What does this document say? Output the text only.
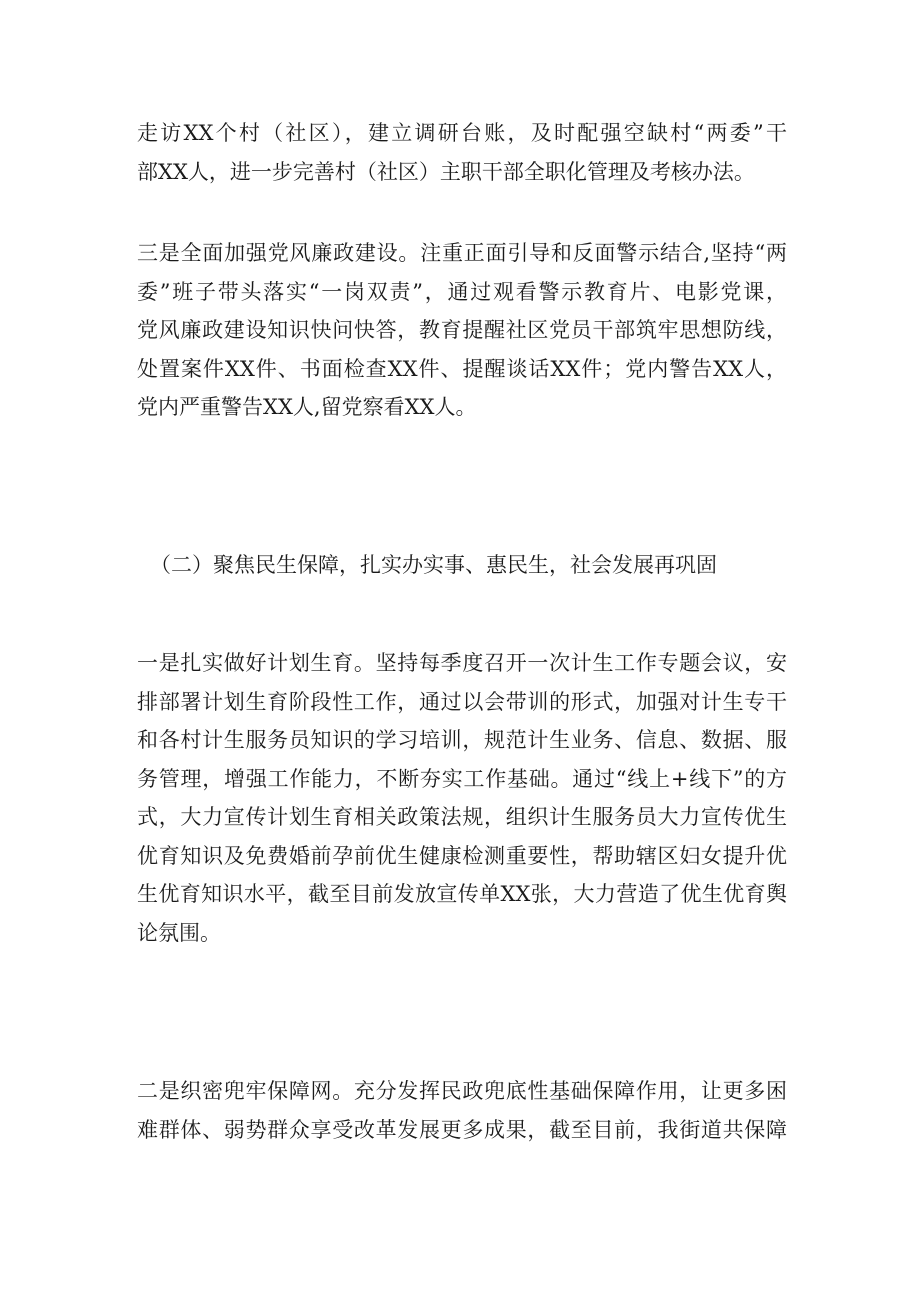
走访XX个村（社区），建立调研台账，及时配强空缺村“两委”干
部XX人，进一步完善村（社区）主职干部全职化管理及考核办法。

三是全面加强党风廉政建设。注重正面引导和反面警示结合,坚持“两
委”班子带头落实“一岗双责”，通过观看警示教育片、电影党课，
党风廉政建设知识快问快答，教育提醒社区党员干部筑牢思想防线，
处置案件XX件、书面检查XX件、提醒谈话XX件；党内警告XX人，
党内严重警告XX人,留党察看XX人。

（二）聚焦民生保障，扎实办实事、惠民生，社会发展再巩固

一是扎实做好计划生育。坚持每季度召开一次计生工作专题会议，安
排部署计划生育阶段性工作，通过以会带训的形式，加强对计生专干
和各村计生服务员知识的学习培训，规范计生业务、信息、数据、服
务管理，增强工作能力，不断夯实工作基础。通过“线上+线下”的方
式，大力宣传计划生育相关政策法规，组织计生服务员大力宣传优生
优育知识及免费婚前孕前优生健康检测重要性，帮助辖区妇女提升优
生优育知识水平，截至目前发放宣传单XX张，大力营造了优生优育舆
论氛围。

二是织密兜牢保障网。充分发挥民政兜底性基础保障作用，让更多困
难群体、弱势群众享受改革发展更多成果，截至目前，我街道共保障
